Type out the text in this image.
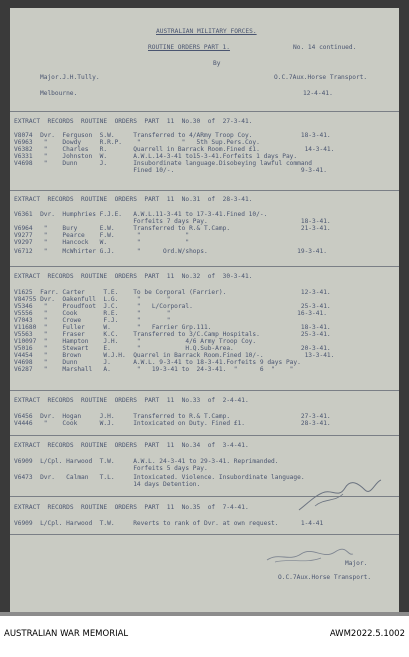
AUSTRALIAN MILITARY FORCES.
ROUTINE ORDERS PART 1.	No. 14 continued.
By
Major.J.H.Tully.	O.C.7Aux.Horse Transport.
Melbourne.	12-4-41.
EXTRACT  RECORDS  ROUTINE  ORDERS  PART  11  No.30  of  27-3-41.
V8074  Dvr.  Ferguson  S.W.     Transferred to 4/ARmy Troop Coy.             18-3-41.
V6963   "    Dowdy     R.R.P.    "           "   5th Sup.Pers.Coy.
V6382   "    Charles   R.       Quarrell in Barrack Room.Fined £1.            14-3-41.
V6331   "    Johnston  W.       A.W.L.14-3-41 to15-3-41.Forfeits 1 days Pay.
V4698   "    Dunn      J.       Insubordinate language.Disobeying lawful command
Fined 10/-.                                  9-3-41.
EXTRACT  RECORDS  ROUTINE  ORDERS  PART  11  No.31  of  28-3-41.
V6361  Dvr.  Humphries F.J.E.   A.W.L.11-3-41 to 17-3-41.Fined 10/-.
Forfeits 7 days Pay.                         18-3-41.
V6964   "    Bury      E.W.     Transferred to R.& T.Camp.                   21-3-41.
V9277   "    Pearce    F.W.      "            "
V9297   "    Hancock   W.        "            "
V6712   "    McWhirter G.J.      "      Ord.W/shops.                        19-3-41.
EXTRACT  RECORDS  ROUTINE  ORDERS  PART  11  No.32  of  30-3-41.
V1625  Farr. Carter     T.E.    To be Corporal (Farrier).                    12-3-41.
V84755 Dvr.  Oakenfull  L.G.     "       "
V5346   "    Proudfoot  J.C.     "   L/Corporal.                             25-3-41.
V5556   "    Cook       R.E.     "       "                                  16-3-41.
V7043   "    Crowe      F.J.     "       "
V11680  "    Fuller     W.       "   Farrier Grp.111.                        18-3-41.
V5563   "    Fraser     K.C.    Transferred to 3/C.Camp Hospitals.           25-3-41.
V10097  "    Hampton    J.H.     "            4/6 Army Troop Coy.
V5016   "    Stewart    E.       "            H.Q.Sub-Area.                  20-3-41.
V4454   "    Brown      W.J.H.  Quarrel in Barrack Room.Fined 10/-.           13-3-41.
V4698   "    Dunn       J.      A.W.L. 9-3-41 to 18-3-41.Forfeits 9 days Pay.
V6287   "    Marshall   A.       "   19-3-41 to  24-3-41.  "      6  "    "
EXTRACT  RECORDS  ROUTINE  ORDERS  PART  11  No.33  of  2-4-41.
V6456  Dvr.  Hogan     J.H.     Transferred to R.& T.Camp.                   27-3-41.
V4446   "    Cook      W.J.     Intoxicated on Duty. Fined £1.               28-3-41.
EXTRACT  RECORDS  ROUTINE  ORDERS  PART  11  No.34  of  3-4-41.
V6909  L/Cpl. Harwood  T.W.     A.W.L. 24-3-41 to 29-3-41. Reprimanded.
Forfeits 5 days Pay.
V6473  Dvr.   Calman   T.L.     Intoxicated. Violence. Insubordinate language.
14 days Detention.
EXTRACT  RECORDS  ROUTINE  ORDERS  PART  11  No.35  of  7-4-41.
V6909  L/Cpl. Harwood  T.W.     Reverts to rank of Dvr. at own request.      1-4-41
Major.
O.C.7Aux.Horse Transport.
AUSTRALIAN WAR MEMORIAL	AWM2022.5.1002
